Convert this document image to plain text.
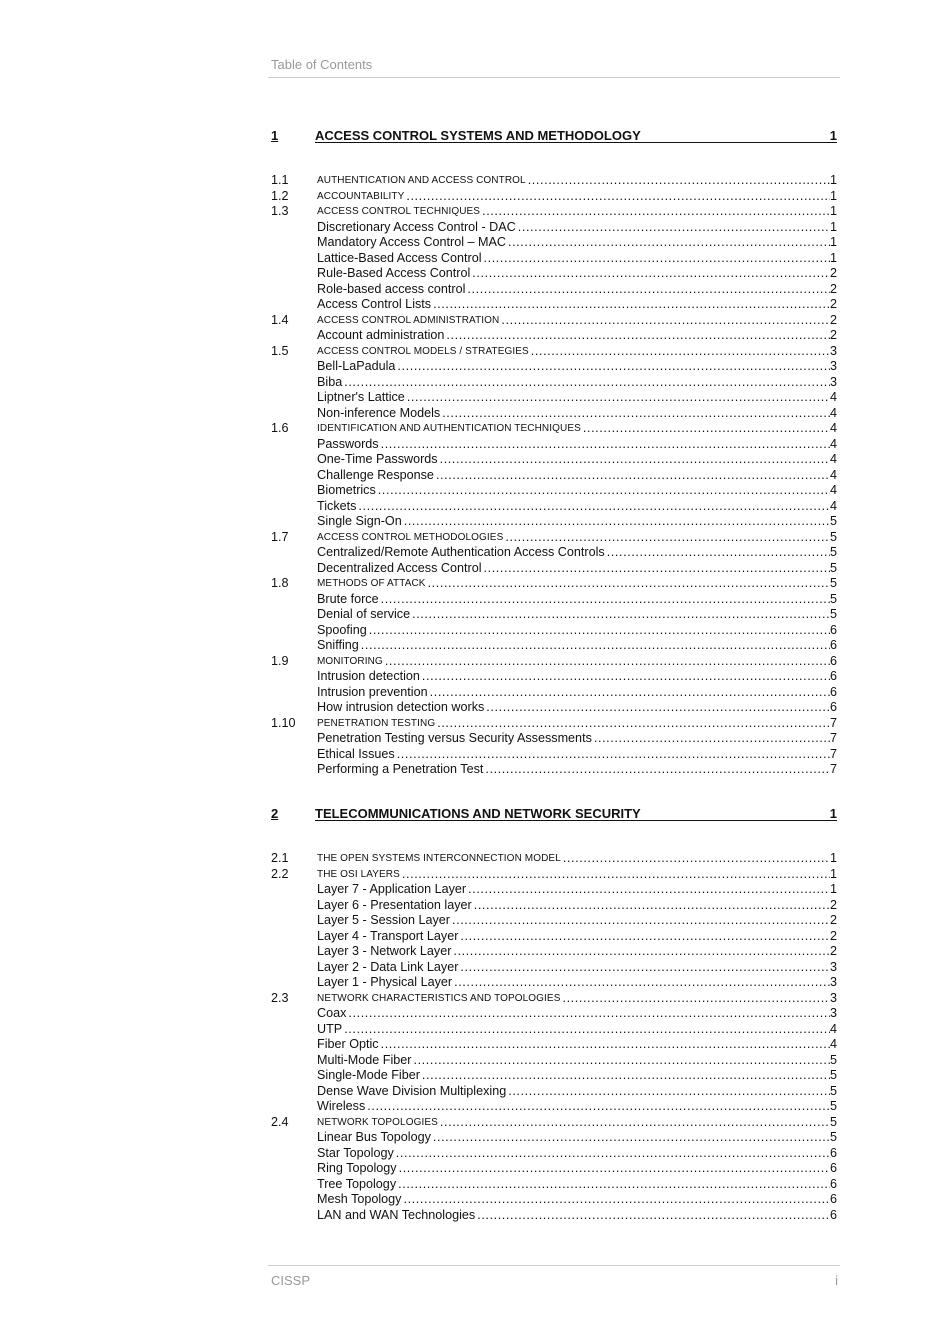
Table of Contents
1	ACCESS CONTROL SYSTEMS AND METHODOLOGY	1
1.1	AUTHENTICATION AND ACCESS CONTROL .....	1
1.2	ACCOUNTABILITY .....	1
1.3	ACCESS CONTROL TECHNIQUES .....	1
Discretionary Access Control - DAC .....	1
Mandatory Access Control – MAC .....	1
Lattice-Based Access Control .....	1
Rule-Based Access Control .....	2
Role-based access control .....	2
Access Control Lists .....	2
1.4	ACCESS CONTROL ADMINISTRATION .....	2
Account administration .....	2
1.5	ACCESS CONTROL MODELS / STRATEGIES .....	3
Bell-LaPadula .....	3
Biba .....	3
Liptner's Lattice .....	4
Non-inference Models .....	4
1.6	IDENTIFICATION AND AUTHENTICATION TECHNIQUES .....	4
Passwords .....	4
One-Time Passwords .....	4
Challenge Response .....	4
Biometrics .....	4
Tickets .....	4
Single Sign-On .....	5
1.7	ACCESS CONTROL METHODOLOGIES .....	5
Centralized/Remote Authentication Access Controls .....	5
Decentralized Access Control .....	5
1.8	METHODS OF ATTACK .....	5
Brute force .....	5
Denial of service .....	5
Spoofing .....	6
Sniffing .....	6
1.9	MONITORING .....	6
Intrusion detection .....	6
Intrusion prevention .....	6
How intrusion detection works .....	6
1.10 PENETRATION TESTING .....	7
Penetration Testing versus Security Assessments .....	7
Ethical Issues .....	7
Performing a Penetration Test .....	7
2	TELECOMMUNICATIONS AND NETWORK SECURITY	1
2.1	THE OPEN SYSTEMS INTERCONNECTION MODEL .....	1
2.2	THE OSI LAYERS .....	1
Layer 7 - Application Layer .....	1
Layer 6 - Presentation layer .....	2
Layer 5 - Session Layer .....	2
Layer 4 - Transport Layer .....	2
Layer 3 - Network Layer .....	2
Layer 2 - Data Link Layer .....	3
Layer 1 - Physical Layer .....	3
2.3	NETWORK CHARACTERISTICS AND TOPOLOGIES .....	3
Coax .....	3
UTP .....	4
Fiber Optic .....	4
Multi-Mode Fiber .....	5
Single-Mode Fiber .....	5
Dense Wave Division Multiplexing .....	5
Wireless .....	5
2.4	NETWORK TOPOLOGIES .....	5
Linear Bus Topology .....	5
Star Topology .....	6
Ring Topology .....	6
Tree Topology .....	6
Mesh Topology .....	6
LAN and WAN Technologies .....	6
CISSP	i
